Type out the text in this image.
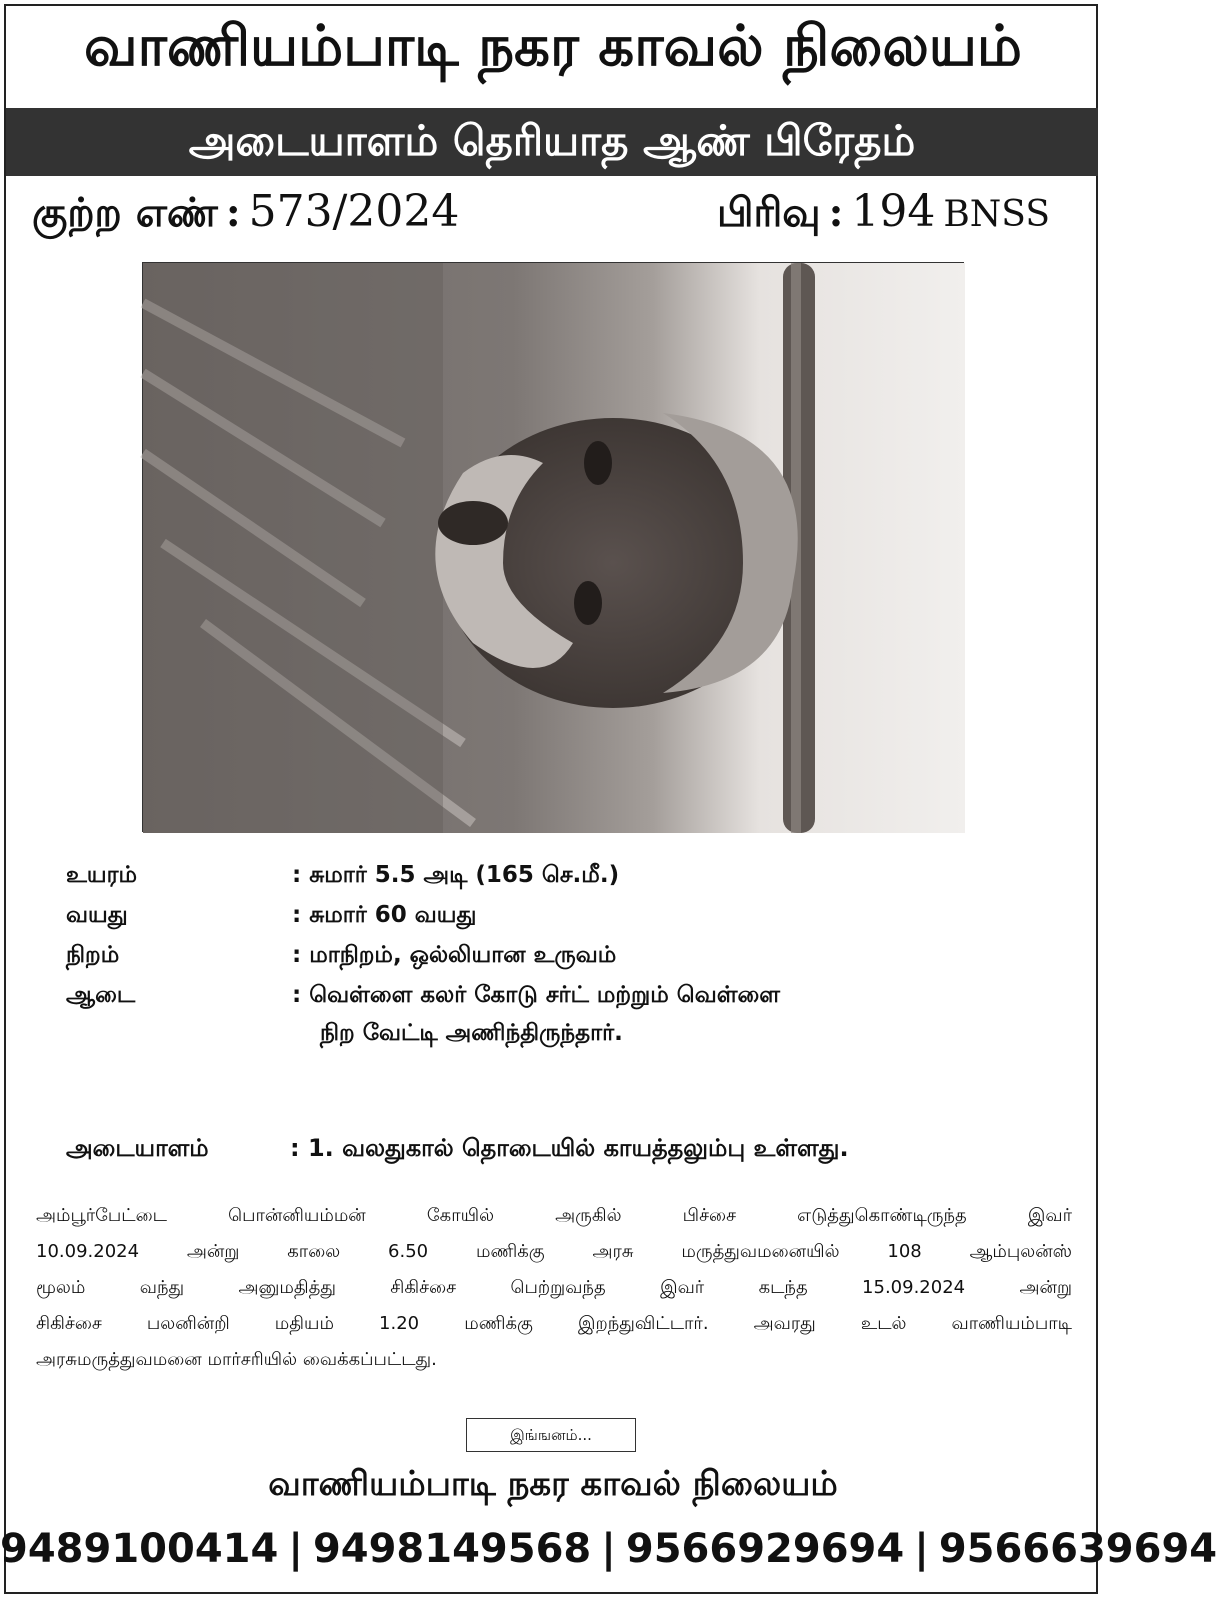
வாணியம்பாடி நகர காவல் நிலையம்
அடையாளம் தெரியாத ஆண் பிரேதம்
குற்ற எண் : 573/2024	பிரிவு : 194 BNSS
உயரம்	: சுமார் 5.5 அடி (165 செ.மீ.)
வயது	: சுமார் 60 வயது
நிறம்	: மாநிறம், ஒல்லியான உருவம்
ஆடை	: வெள்ளை கலர் கோடு சர்ட் மற்றும் வெள்ளை
நிற வேட்டி அணிந்திருந்தார்.
அடையாளம்	: 1. வலதுகால் தொடையில் காயத்தலும்பு உள்ளது.
அம்பூர்பேட்டை பொன்னியம்மன் கோயில் அருகில் பிச்சை எடுத்துகொண்டிருந்த இவர்
10.09.2024 அன்று காலை 6.50 மணிக்கு அரசு மருத்துவமனையில் 108 ஆம்புலன்ஸ்
மூலம் வந்து அனுமதித்து சிகிச்சை பெற்றுவந்த இவர் கடந்த 15.09.2024 அன்று
சிகிச்சை பலனின்றி மதியம் 1.20 மணிக்கு இறந்துவிட்டார். அவரது உடல் வாணியம்பாடி
அரசுமருத்துவமனை மார்சரியில் வைக்கப்பட்டது.
இங்ஙனம்...
வாணியம்பாடி நகர காவல் நிலையம்
9489100414 | 9498149568 | 9566929694 | 9566639694
